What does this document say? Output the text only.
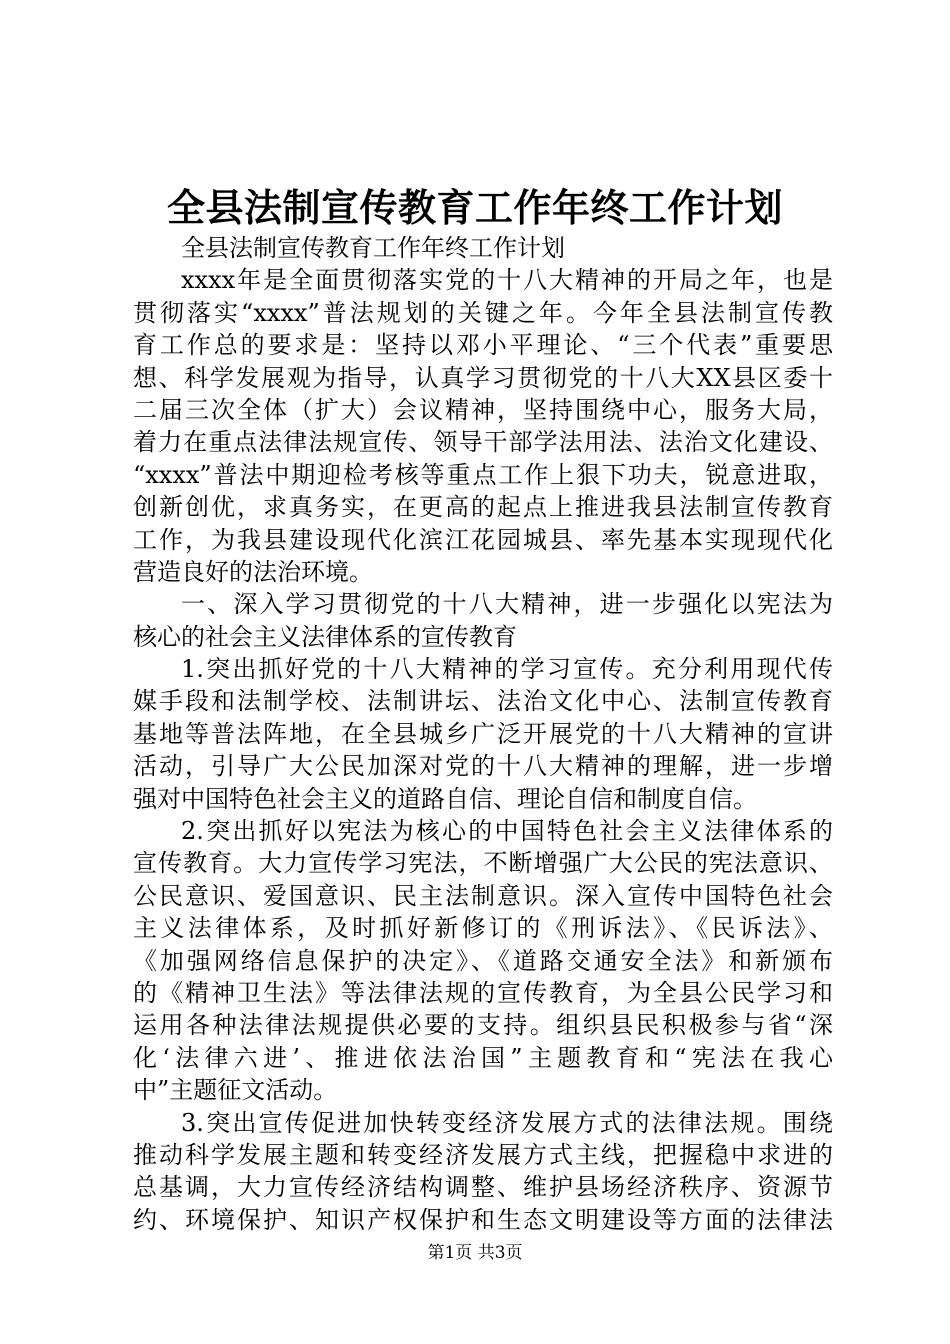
全县法制宣传教育工作年终工作计划
全县法制宣传教育工作年终工作计划
xxxx年是全面贯彻落实党的十八大精神的开局之年，也是
贯彻落实“xxxx”普法规划的关键之年。今年全县法制宣传教
育工作总的要求是：坚持以邓小平理论、“三个代表”重要思
想、科学发展观为指导，认真学习贯彻党的十八大XX县区委十
二届三次全体（扩大）会议精神，坚持围绕中心，服务大局，
着力在重点法律法规宣传、领导干部学法用法、法治文化建设、
“xxxx”普法中期迎检考核等重点工作上狠下功夫，锐意进取，
创新创优，求真务实，在更高的起点上推进我县法制宣传教育
工作，为我县建设现代化滨江花园城县、率先基本实现现代化
营造良好的法治环境。
一、深入学习贯彻党的十八大精神，进一步强化以宪法为
核心的社会主义法律体系的宣传教育
1.突出抓好党的十八大精神的学习宣传。充分利用现代传
媒手段和法制学校、法制讲坛、法治文化中心、法制宣传教育
基地等普法阵地，在全县城乡广泛开展党的十八大精神的宣讲
活动，引导广大公民加深对党的十八大精神的理解，进一步增
强对中国特色社会主义的道路自信、理论自信和制度自信。
2.突出抓好以宪法为核心的中国特色社会主义法律体系的
宣传教育。大力宣传学习宪法，不断增强广大公民的宪法意识、
公民意识、爱国意识、民主法制意识。深入宣传中国特色社会
主义法律体系，及时抓好新修订的《刑诉法》、《民诉法》、
《加强网络信息保护的决定》、《道路交通安全法》和新颁布
的《精神卫生法》等法律法规的宣传教育，为全县公民学习和
运用各种法律法规提供必要的支持。组织县民积极参与省“深
化‘法律六进’、推进依法治国”主题教育和“宪法在我心
中”主题征文活动。
3.突出宣传促进加快转变经济发展方式的法律法规。围绕
推动科学发展主题和转变经济发展方式主线，把握稳中求进的
总基调，大力宣传经济结构调整、维护县场经济秩序、资源节
约、环境保护、知识产权保护和生态文明建设等方面的法律法
第1页 共3页
